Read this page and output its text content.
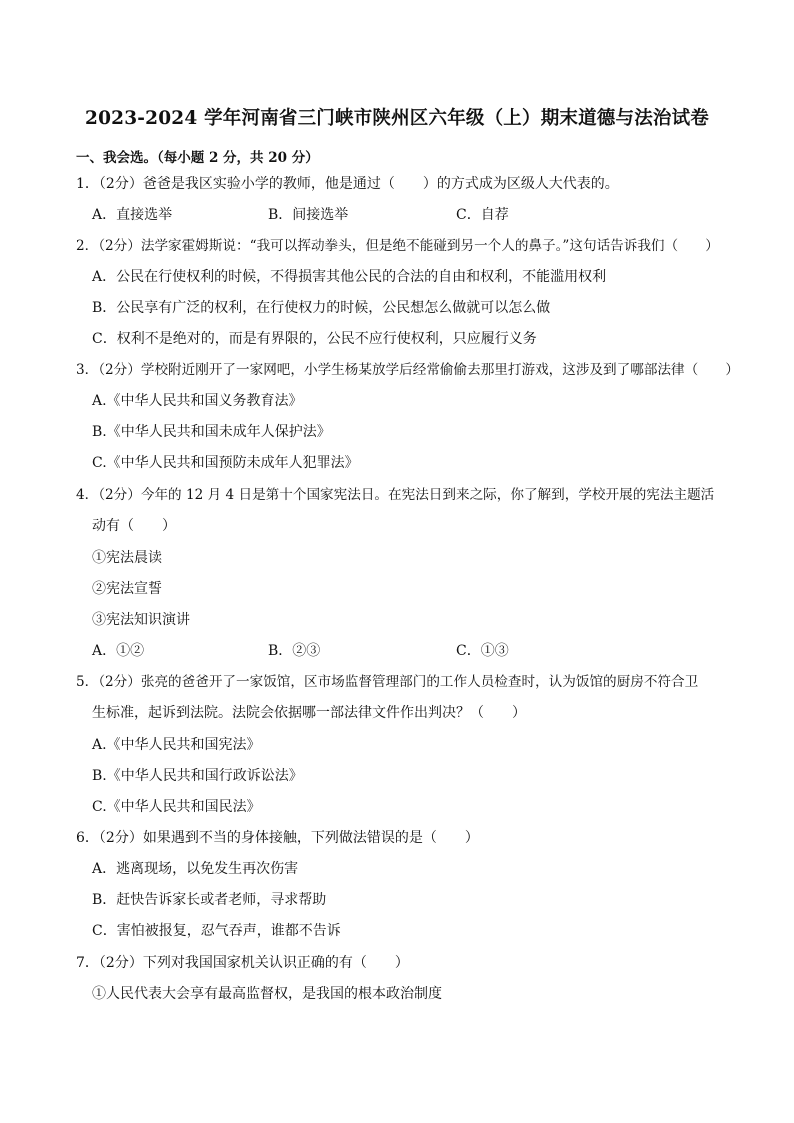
2023-2024 学年河南省三门峡市陕州区六年级（上）期末道德与法治试卷
一、我会选。（每小题 2 分，共 20 分）
1．（2分）爸爸是我区实验小学的教师，他是通过（　　）的方式成为区级人大代表的。
A．直接选举	B．间接选举	C．自荐
2．（2分）法学家霍姆斯说：“我可以挥动拳头，但是绝不能碰到另一个人的鼻子。”这句话告诉我们（　　）
A．公民在行使权利的时候，不得损害其他公民的合法的自由和权利，不能滥用权利
B．公民享有广泛的权利，在行使权力的时候，公民想怎么做就可以怎么做
C．权利不是绝对的，而是有界限的，公民不应行使权利，只应履行义务
3．（2分）学校附近刚开了一家网吧，小学生杨某放学后经常偷偷去那里打游戏，这涉及到了哪部法律（　　）
A.《中华人民共和国义务教育法》
B.《中华人民共和国未成年人保护法》
C.《中华人民共和国预防未成年人犯罪法》
4．（2分）今年的 12 月 4 日是第十个国家宪法日。在宪法日到来之际，你了解到，学校开展的宪法主题活
动有（　　）
①宪法晨读
②宪法宣誓
③宪法知识演讲
A．①②	B．②③	C．①③
5．（2分）张亮的爸爸开了一家饭馆，区市场监督管理部门的工作人员检查时，认为饭馆的厨房不符合卫
生标准，起诉到法院。法院会依据哪一部法律文件作出判决？（　　）
A.《中华人民共和国宪法》
B.《中华人民共和国行政诉讼法》
C.《中华人民共和国民法》
6．（2分）如果遇到不当的身体接触，下列做法错误的是（　　）
A．逃离现场，以免发生再次伤害
B．赶快告诉家长或者老师，寻求帮助
C．害怕被报复，忍气吞声，谁都不告诉
7．（2分）下列对我国国家机关认识正确的有（　　）
①人民代表大会享有最高监督权，是我国的根本政治制度
